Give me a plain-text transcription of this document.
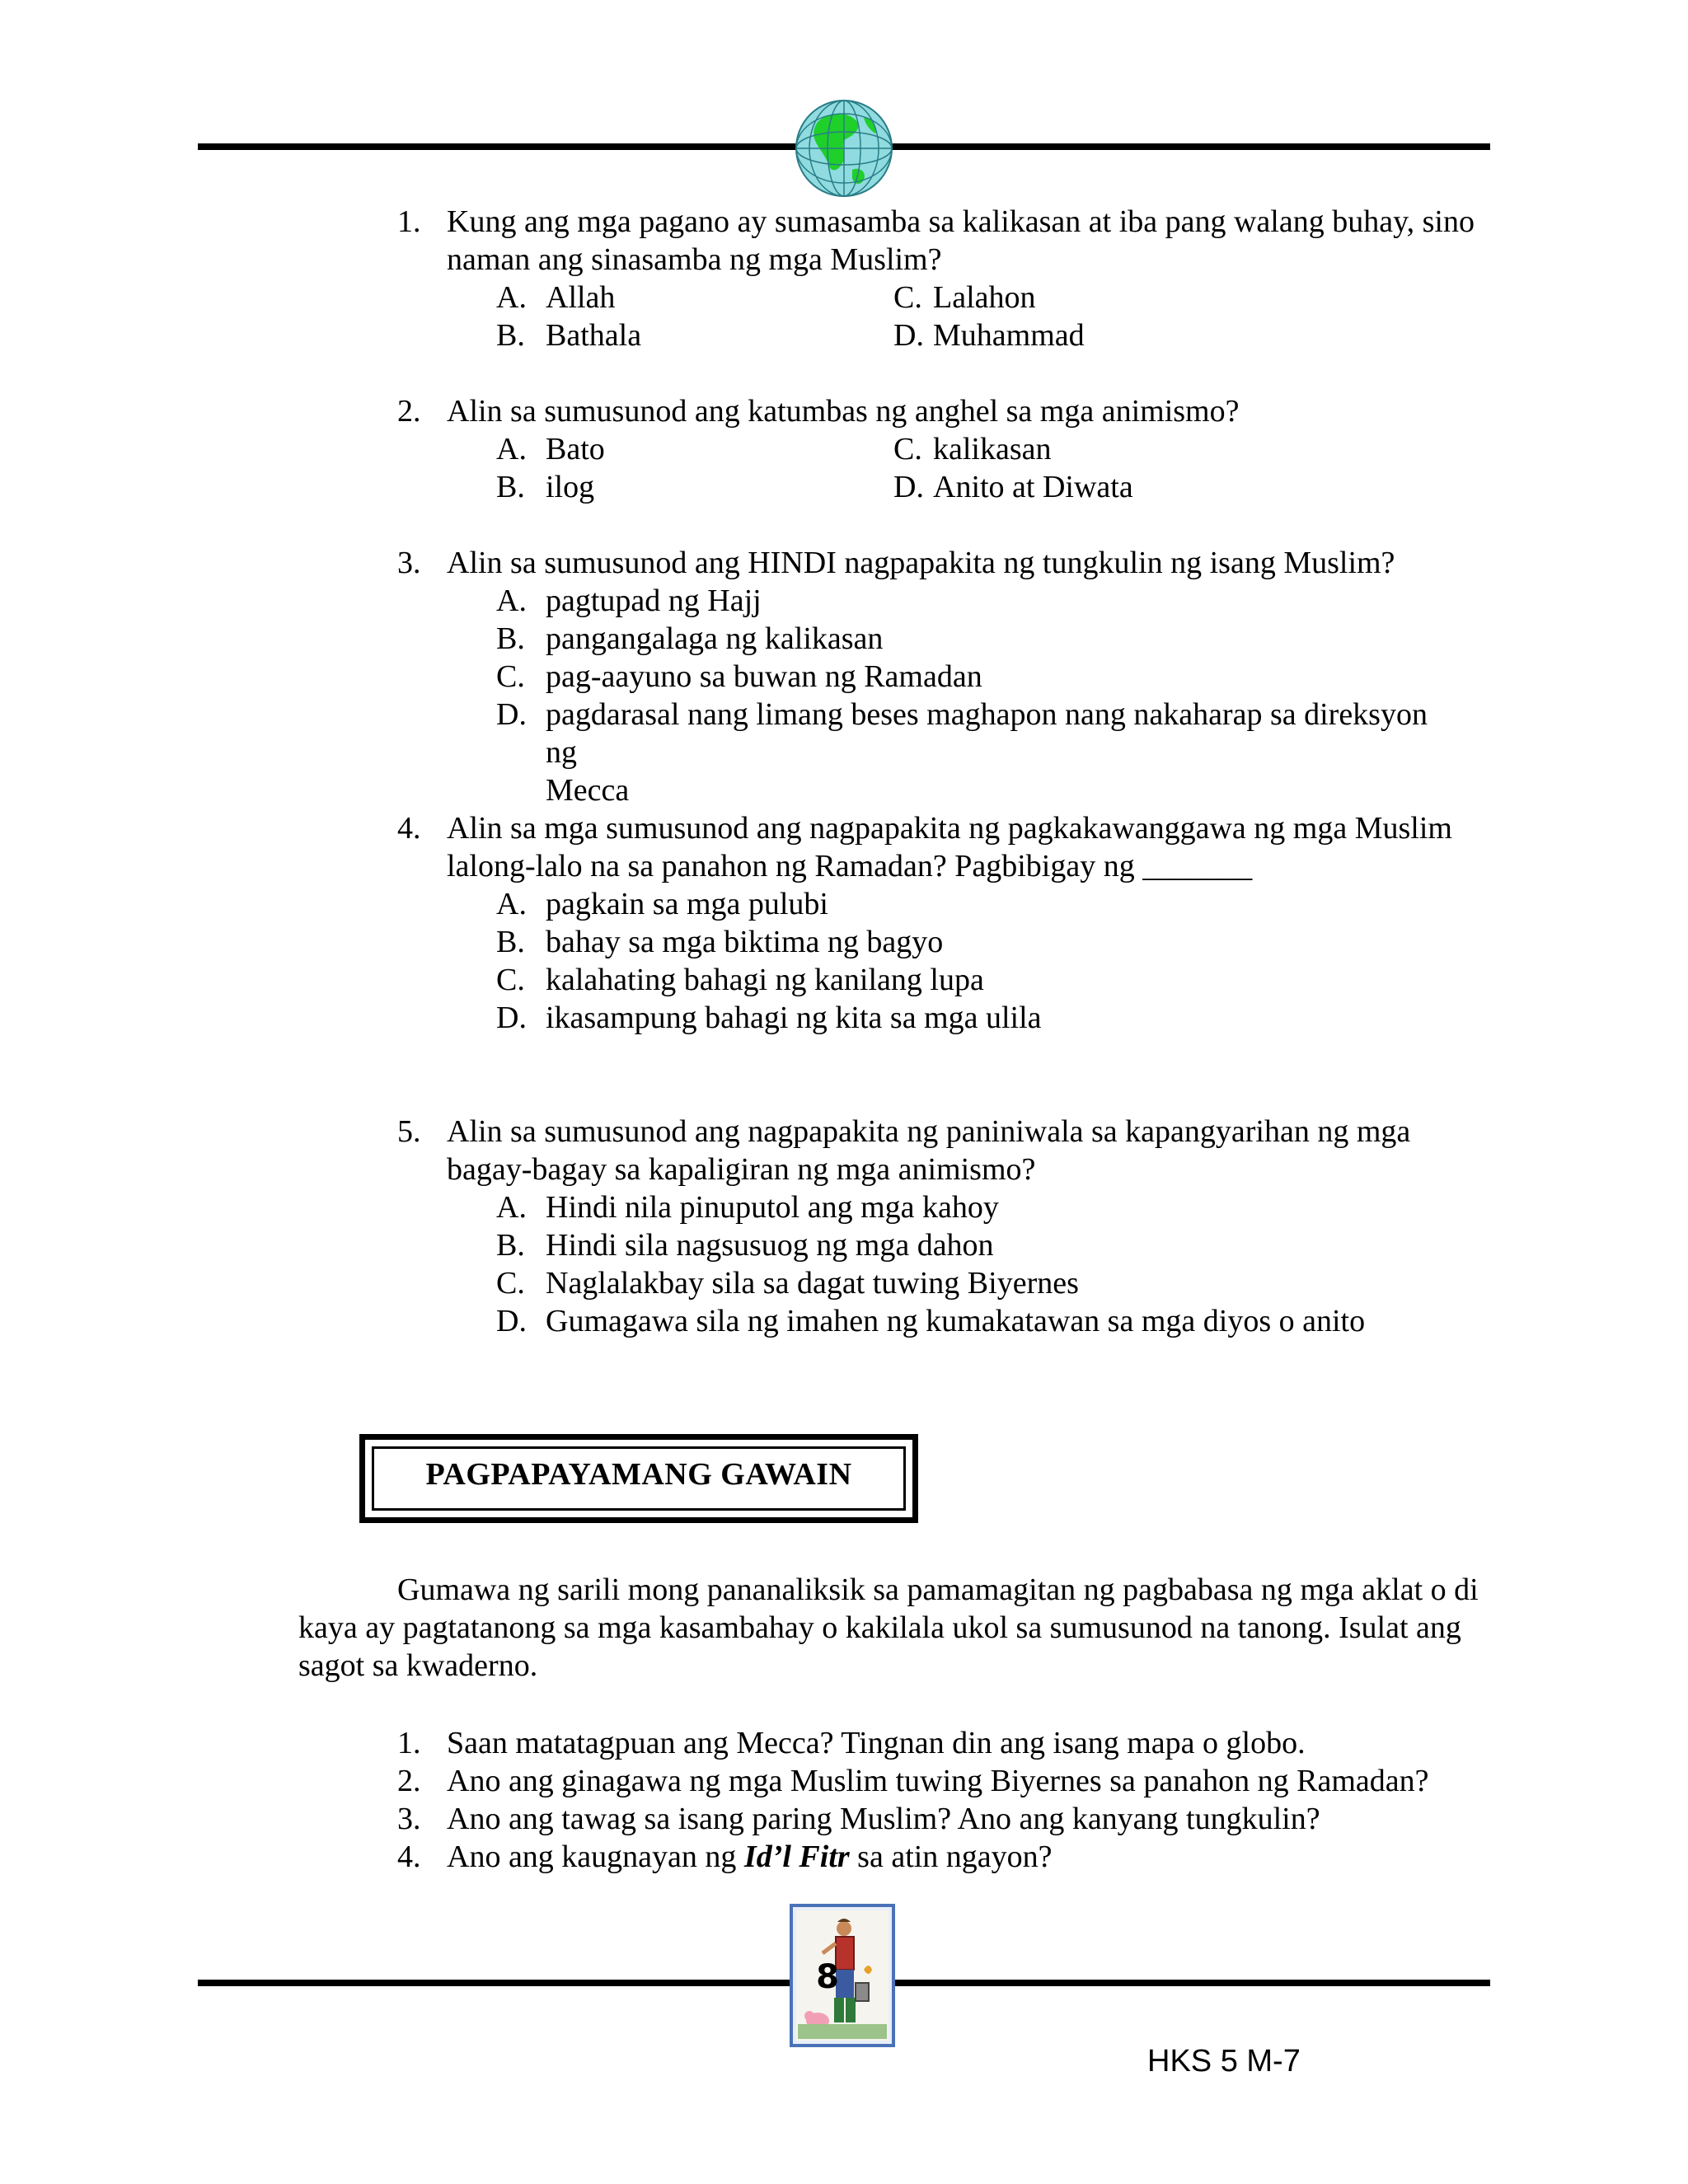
1. Kung ang mga pagano ay sumasamba sa kalikasan at iba pang walang buhay, sino naman ang sinasamba ng mga Muslim?
A. Allah	C. Lalahon
B. Bathala	D. Muhammad
2. Alin sa sumusunod ang katumbas ng anghel sa mga animismo?
A. Bato	C. kalikasan
B. ilog	D. Anito at Diwata
3. Alin sa sumusunod ang HINDI nagpapakita ng tungkulin ng isang Muslim?
A. pagtupad ng Hajj
B. pangangalaga ng kalikasan
C. pag-aayuno sa buwan ng Ramadan
D. pagdarasal nang limang beses maghapon nang nakaharap sa direksyon
ng Mecca
4. Alin sa mga sumusunod ang nagpapakita ng pagkakawanggawa ng mga Muslim lalong-lalo na sa panahon ng Ramadan? Pagbibigay ng _______
A. pagkain sa mga pulubi
B. bahay sa mga biktima ng bagyo
C. kalahating bahagi ng kanilang lupa
D. ikasampung bahagi ng kita sa mga ulila
5. Alin sa sumusunod ang nagpapakita ng paniniwala sa kapangyarihan ng mga bagay-bagay sa kapaligiran ng mga animismo?
A. Hindi nila pinuputol ang mga kahoy
B. Hindi sila nagsusuog ng mga dahon
C. Naglalakbay sila sa dagat tuwing Biyernes
D. Gumagawa sila ng imahen ng kumakatawan sa mga diyos o anito
PAGPAPAYAMANG GAWAIN
Gumawa ng sarili mong pananaliksik sa pamamagitan ng pagbabasa ng mga aklat o di kaya ay pagtatanong sa mga kasambahay o kakilala ukol sa sumusunod na tanong. Isulat ang sagot sa kwaderno.
1. Saan matatagpuan ang Mecca? Tingnan din ang isang mapa o globo.
2. Ano ang ginagawa ng mga Muslim tuwing Biyernes sa panahon ng Ramadan?
3. Ano ang tawag sa isang paring Muslim? Ano ang kanyang tungkulin?
4. Ano ang kaugnayan ng Id’l Fitr sa atin ngayon?
8
HKS 5 M-7
